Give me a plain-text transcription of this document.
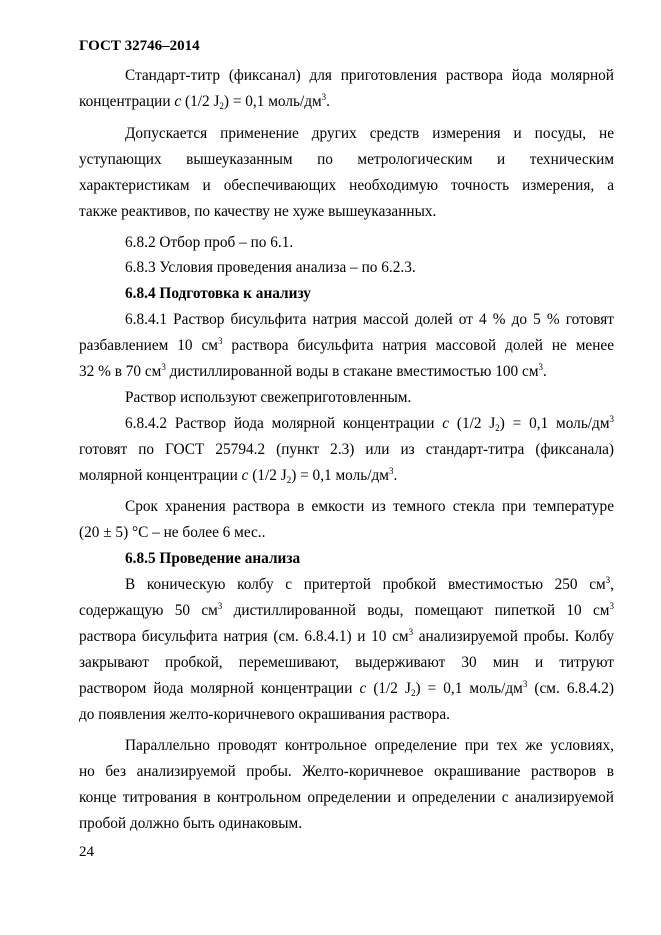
ГОСТ 32746–2014
Стандарт-титр (фиксанал) для приготовления раствора йода молярной
концентрации c (1/2 $J_2) = 0,1$ моль/$дм^3$.
Допускается применение других средств измерения и посуды, не
уступающих вышеуказанным по метрологическим и техническим
характеристикам и обеспечивающих необходимую точность измерения, а
также реактивов, по качеству не хуже вышеуказанных.
6.8.2 Отбор проб – по 6.1.
6.8.3 Условия проведения анализа – по 6.2.3.
6.8.4 Подготовка к анализу
6.8.4.1 Раствор бисульфита натрия массой долей от 4 % до 5 % готовят
разбавлением 10 $см^3$ раствора бисульфита натрия массовой долей не менее
32 % в 70 $см^3$ дистиллированной воды в стакане вместимостью 100 $см^3$.
Раствор используют свежеприготовленным.
6.8.4.2 Раствор йода молярной концентрации c (1/2 $J_2) = 0,1$ моль/$дм^3$
готовят по ГОСТ 25794.2 (пункт 2.3) или из стандарт-титра (фиксанала)
молярной концентрации c (1/2 $J_2) = 0,1$ моль/$дм^3$.
Срок хранения раствора в емкости из темного стекла при температуре
(20 ± 5) °С – не более 6 мес..
6.8.5 Проведение анализа
В коническую колбу с притертой пробкой вместимостью 250 $см^3$,
содержащую 50 $см^3$ дистиллированной воды, помещают пипеткой 10 $см^3$
раствора бисульфита натрия (см. 6.8.4.1) и 10 $см^3$ анализируемой пробы. Колбу
закрывают пробкой, перемешивают, выдерживают 30 мин и титруют
раствором йода молярной концентрации c (1/2 $J_2) = 0,1$ моль/$дм^3$ (см. 6.8.4.2)
до появления желто-коричневого окрашивания раствора.
Параллельно проводят контрольное определение при тех же условиях,
но без анализируемой пробы. Желто-коричневое окрашивание растворов в
конце титрования в контрольном определении и определении с анализируемой
пробой должно быть одинаковым.
24
